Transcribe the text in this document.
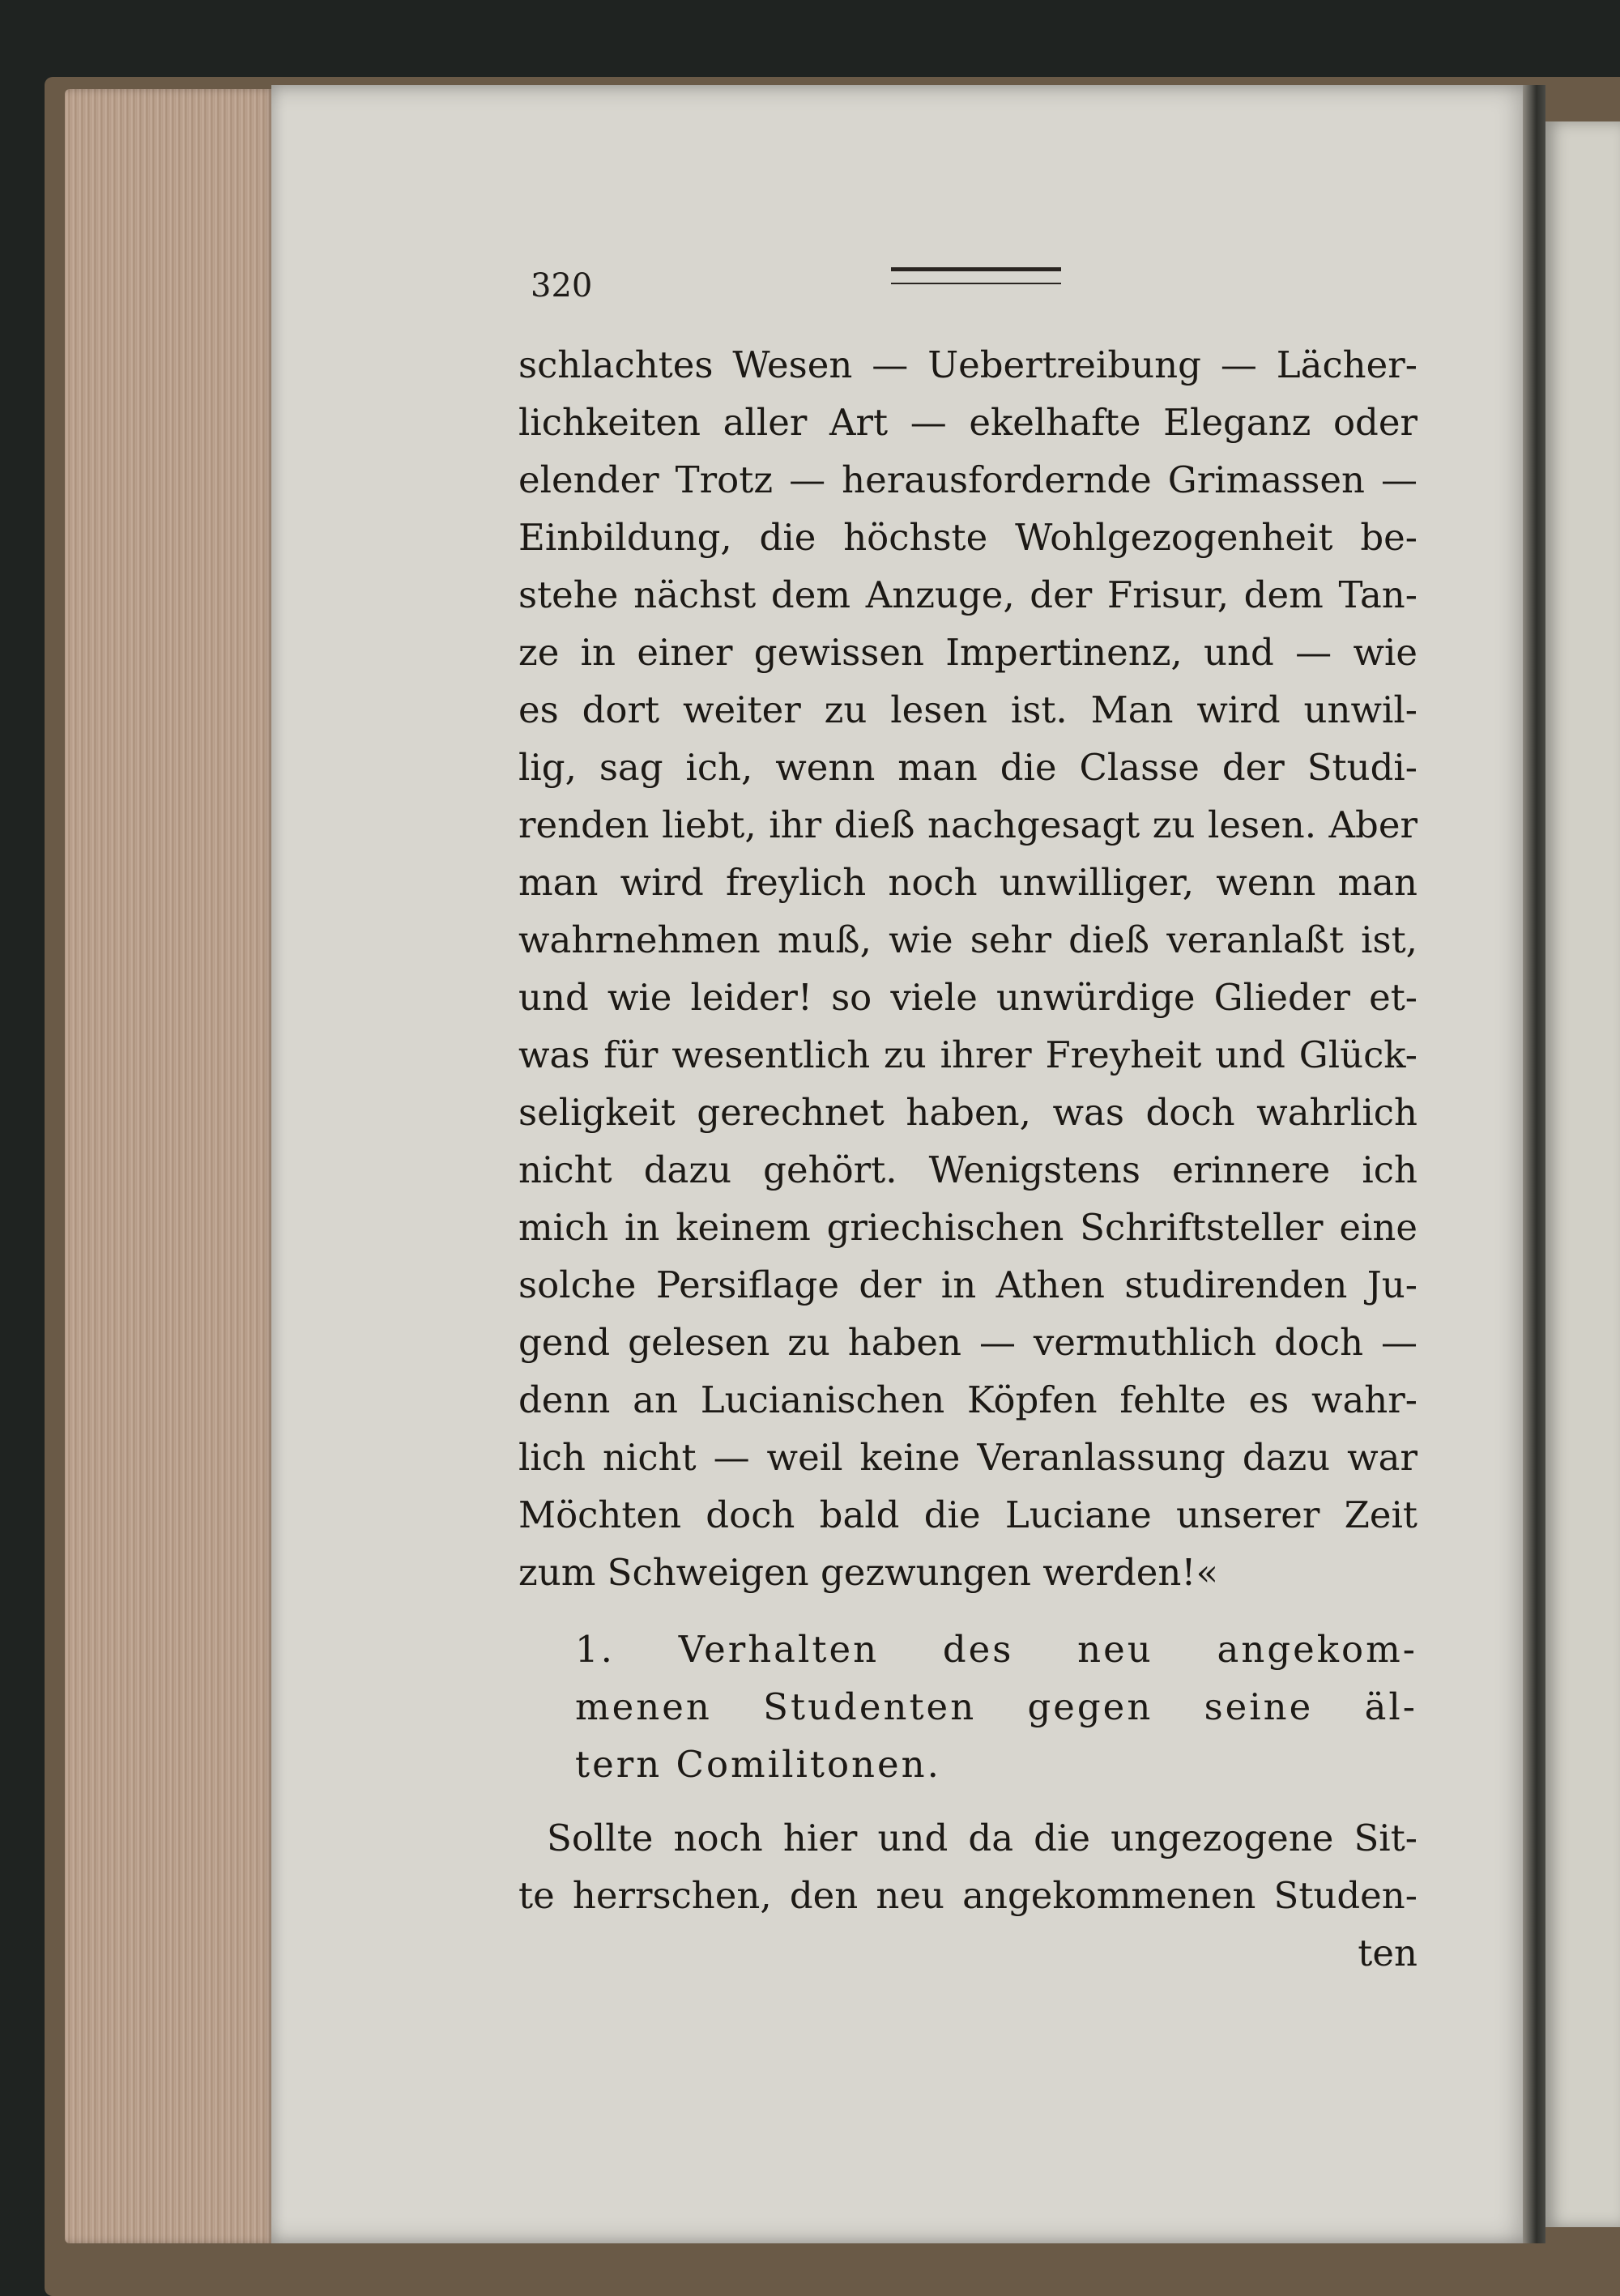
320

schlachtes Wesen — Uebertreibung — Lächer-

lichkeiten aller Art — ekelhafte Eleganz oder

elender Trotz — herausfordernde Grimassen —

Einbildung, die höchste Wohlgezogenheit be-

stehe nächst dem Anzuge, der Frisur, dem Tan-

ze in einer gewissen Impertinenz, und — wie

es dort weiter zu lesen ist. Man wird unwil-

lig, sag ich, wenn man die Classe der Studi-

renden liebt, ihr dieß nachgesagt zu lesen. Aber

man wird freylich noch unwilliger, wenn man

wahrnehmen muß, wie sehr dieß veranlaßt ist,

und wie leider! so viele unwürdige Glieder et-

was für wesentlich zu ihrer Freyheit und Glück-

seligkeit gerechnet haben, was doch wahrlich

nicht dazu gehört. Wenigstens erinnere ich

mich in keinem griechischen Schriftsteller eine

solche Persiflage der in Athen studirenden Ju-

gend gelesen zu haben — vermuthlich doch —

denn an Lucianischen Köpfen fehlte es wahr-

lich nicht — weil keine Veranlassung dazu war

Möchten doch bald die Luciane unserer Zeit

zum Schweigen gezwungen werden!«

1. Verhalten des neu angekom-

menen Studenten gegen seine äl-

tern Comilitonen.

Sollte noch hier und da die ungezogene Sit-

te herrschen, den neu angekommenen Studen-

ten
